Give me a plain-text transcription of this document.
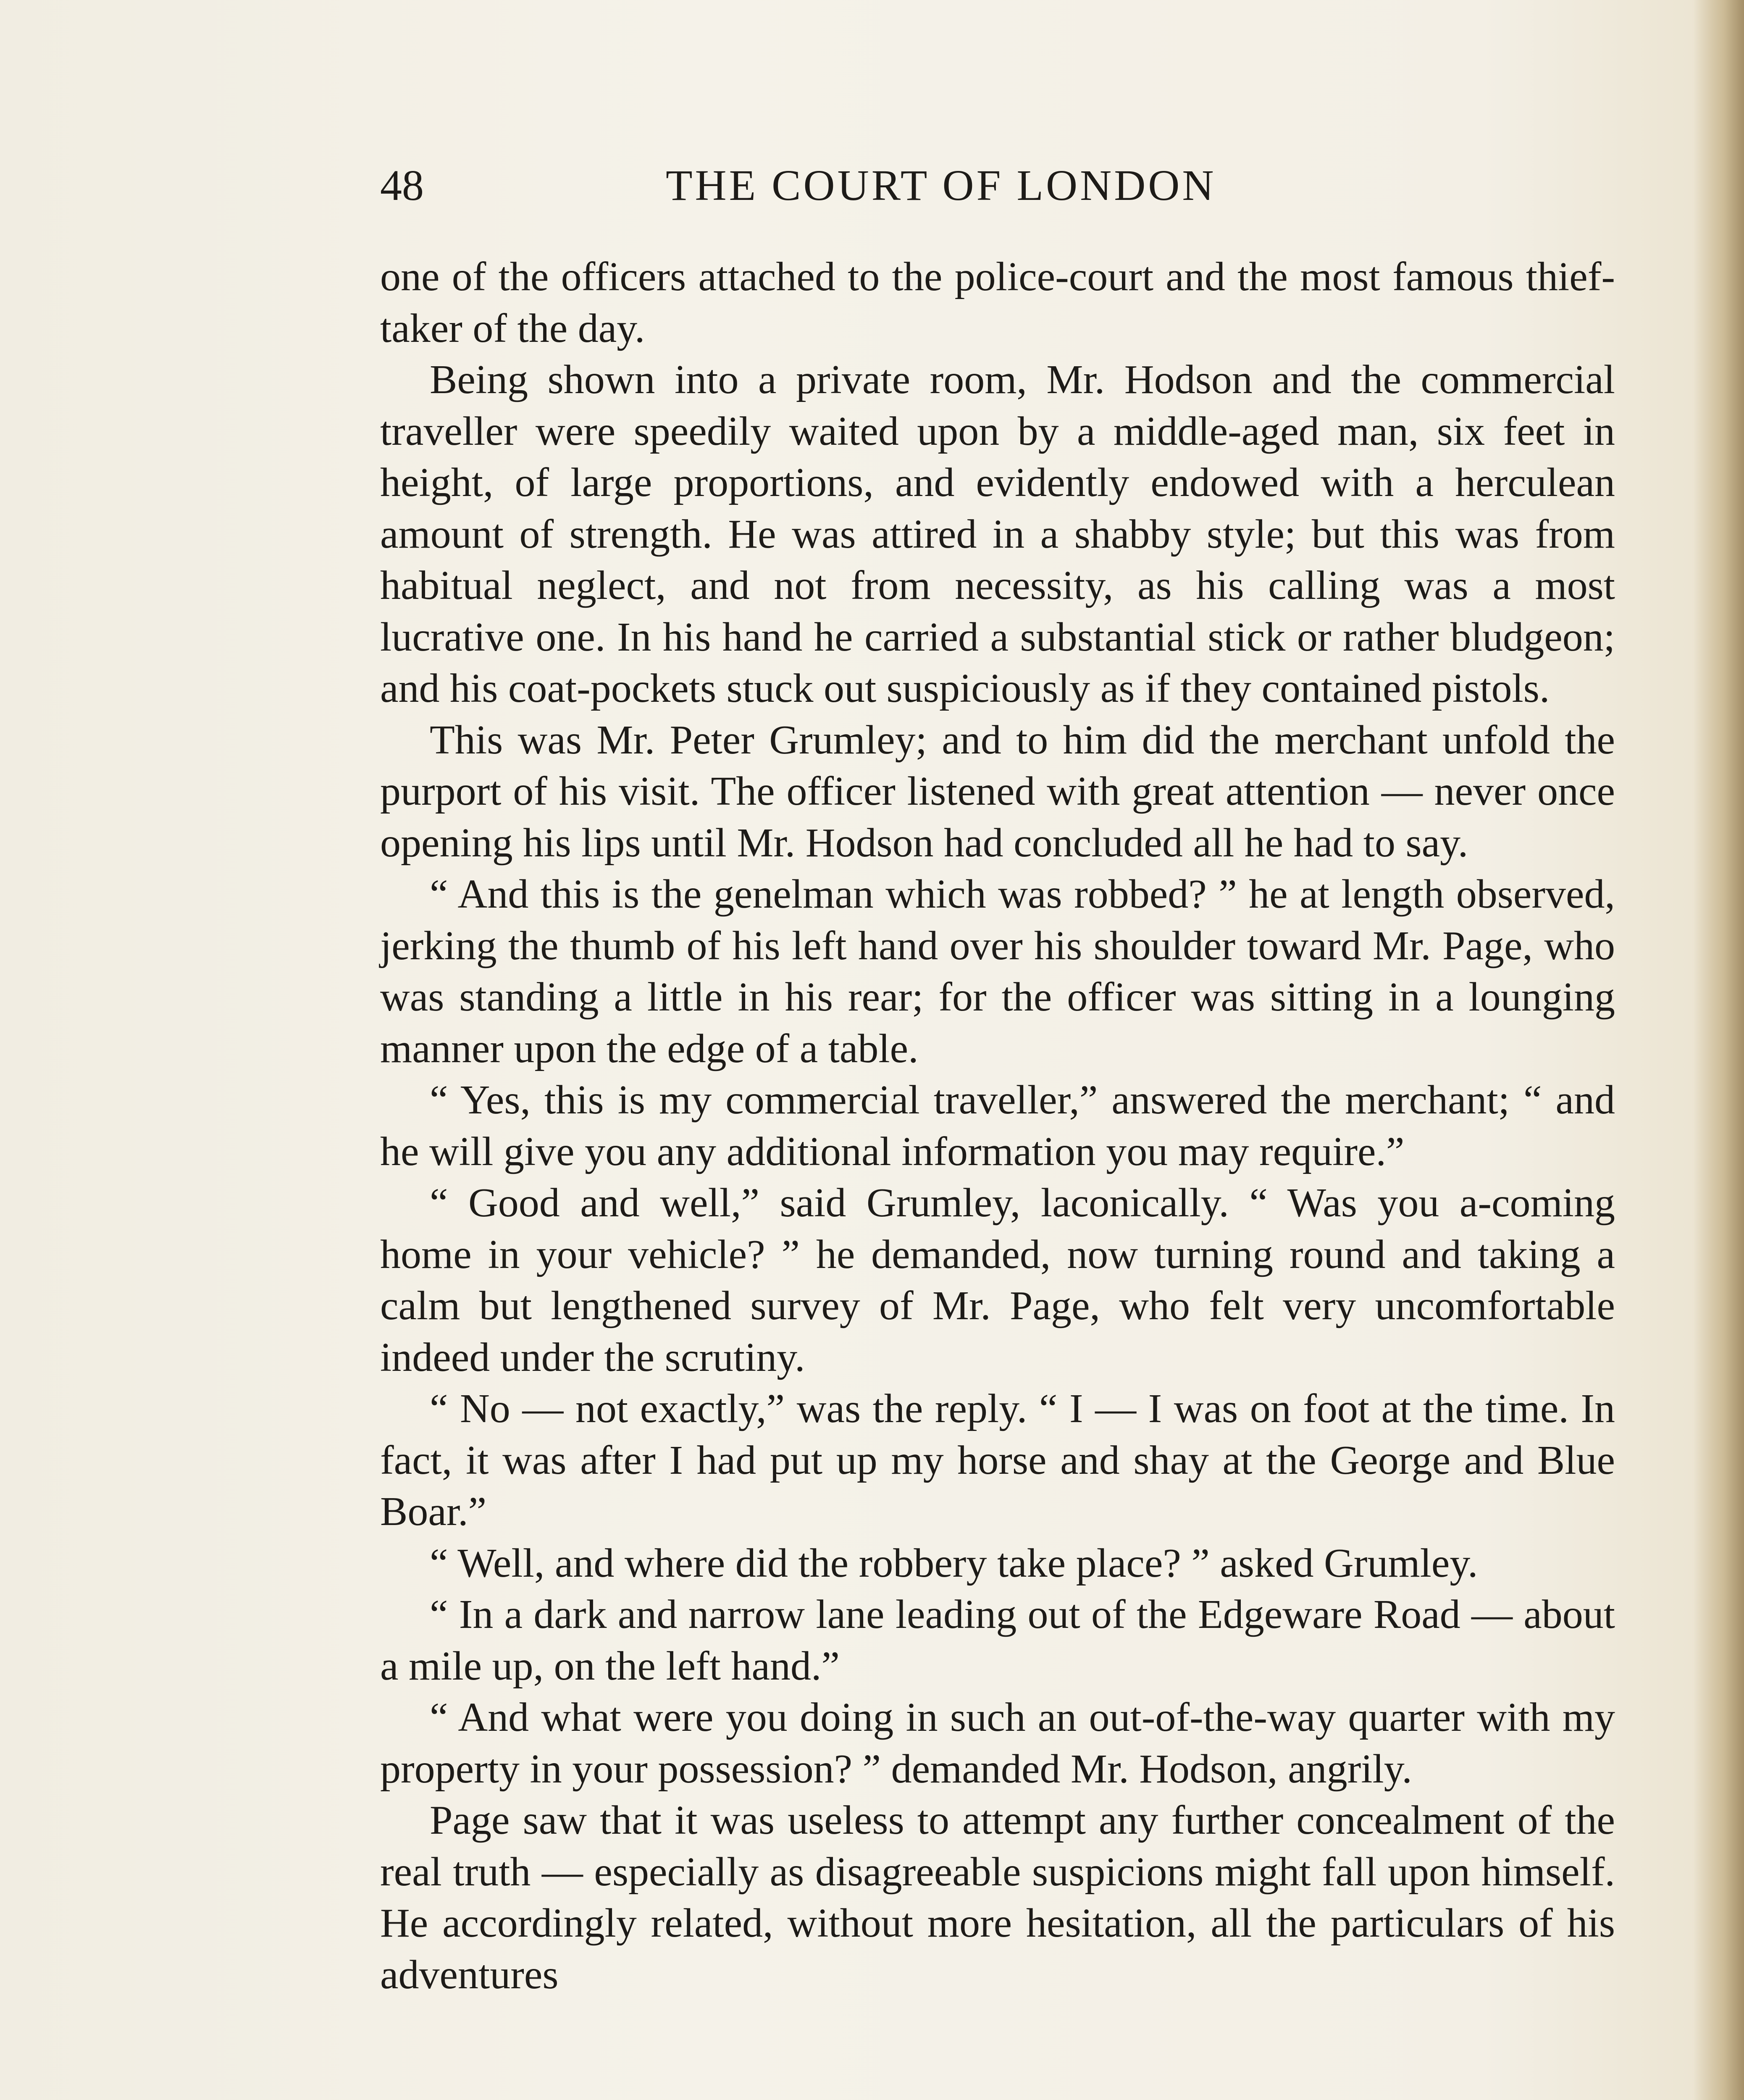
48	THE COURT OF LONDON

one of the officers attached to the police-court and the most famous thief-taker of the day.

Being shown into a private room, Mr. Hodson and the commercial traveller were speedily waited upon by a middle-aged man, six feet in height, of large proportions, and evidently endowed with a herculean amount of strength. He was attired in a shabby style; but this was from habitual neglect, and not from necessity, as his calling was a most lucrative one. In his hand he carried a substantial stick or rather bludgeon; and his coat-pockets stuck out suspiciously as if they contained pistols.

This was Mr. Peter Grumley; and to him did the merchant unfold the purport of his visit. The officer listened with great attention — never once opening his lips until Mr. Hodson had concluded all he had to say.

“ And this is the genelman which was robbed? ” he at length observed, jerking the thumb of his left hand over his shoulder toward Mr. Page, who was standing a little in his rear; for the officer was sitting in a lounging manner upon the edge of a table.

“ Yes, this is my commercial traveller,” answered the merchant; “ and he will give you any additional information you may require.”

“ Good and well,” said Grumley, laconically. “ Was you a-coming home in your vehicle? ” he demanded, now turning round and taking a calm but lengthened survey of Mr. Page, who felt very uncomfortable indeed under the scrutiny.

“ No — not exactly,” was the reply. “ I — I was on foot at the time. In fact, it was after I had put up my horse and shay at the George and Blue Boar.”

“ Well, and where did the robbery take place? ” asked Grumley.

“ In a dark and narrow lane leading out of the Edgeware Road — about a mile up, on the left hand.”

“ And what were you doing in such an out-of-the-way quarter with my property in your possession? ” demanded Mr. Hodson, angrily.

Page saw that it was useless to attempt any further concealment of the real truth — especially as disagreeable suspicions might fall upon himself. He accordingly related, without more hesitation, all the particulars of his adventures
